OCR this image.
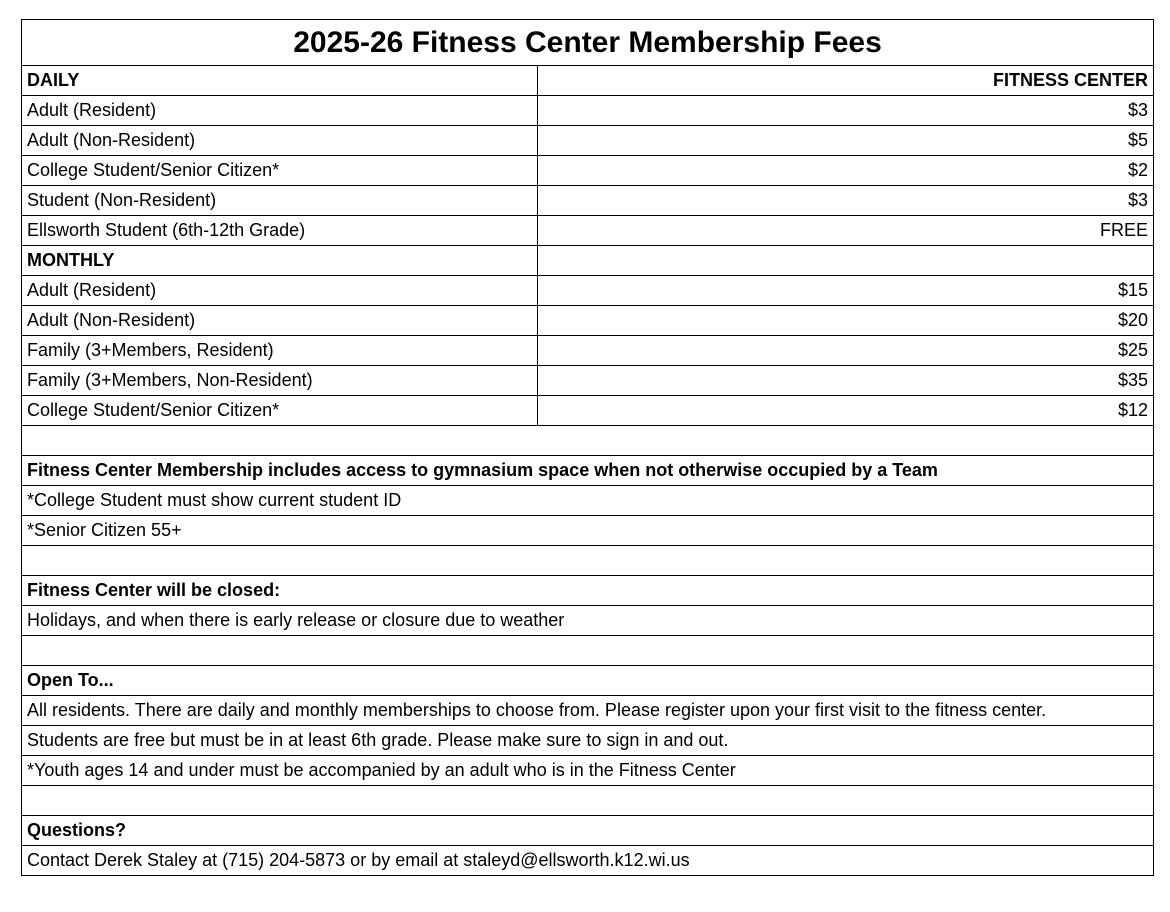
2025-26 Fitness Center Membership Fees	
DAILY	FITNESS CENTER
Adult (Resident)	$3
Adult (Non-Resident)	$5
College Student/Senior Citizen*	$2
Student (Non-Resident)	$3
Ellsworth Student (6th-12th Grade)	FREE
MONTHLY	
Adult (Resident)	$15
Adult (Non-Resident)	$20
Family (3+Members, Resident)	$25
Family (3+Members, Non-Resident)	$35
College Student/Senior Citizen*	$12

Fitness Center Membership includes access to gymnasium space when not otherwise occupied by a Team	
*College Student must show current student ID	
*Senior Citizen 55+	

Fitness Center will be closed:	
Holidays, and when there is early release or closure due to weather	

Open To...	
All residents. There are daily and monthly memberships to choose from. Please register upon your first visit to the fitness center.	
Students are free but must be in at least 6th grade. Please make sure to sign in and out.	
*Youth ages 14 and under must be accompanied by an adult who is in the Fitness Center	

Questions?	
Contact Derek Staley at (715) 204-5873 or by email at staleyd@ellsworth.k12.wi.us	
